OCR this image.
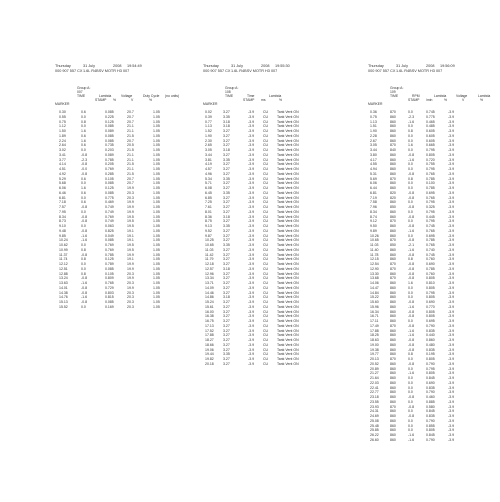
Thursday	31 July	2008 19:54:49
000 907 557 CX 1.6L R4BSV MOTR H3 007
Group A:
007
Lambda	Voltage	Duty Cycle (no units)
MARKER
TIME
STAMP %	V	%
0.30	0.6	0.085	20.7	1.05
0.55	0.0	0.225	20.7	1.05
0.75	0.8	0.125	20.7	1.05
1.12	0.0	0.085	21.1	1.05
1.50	1.6	0.089	21.1	1.05
1.89	0.6	0.085	21.5	1.05
2.24	1.6	0.085	20.7	1.05
2.64	0.6	0.735	20.5	1.05
3.02	0.0	0.203	21.5	1.05
3.41	-0.8	0.089	21.1	1.05
3.77	-2.3	0.785	21.1	1.05
4.14	-0.8	0.205	21.5	1.05
4.51	-0.0	0.769	21.1	1.05
4.92	-0.8	0.285	21.5	1.05
5.29	0.6	0.105	20.7	1.05
5.68	0.0	0.085	20.7	1.05
6.06	1.6	0.125	19.9	1.05
6.46	0.6	0.085	20.3	1.05
6.81	0.0	0.775	20.3	1.05
7.18	0.6	0.469	19.9	1.05
7.57	-0.8	0.749	19.9	1.05
7.95	0.0	0.749	19.9	1.05
8.34	-0.8	0.769	19.5	1.05
8.73	-0.8	0.749	19.5	1.05
9.10	0.0	0.063	19.5	1.05
9.48	-0.8	0.825	19.1	1.05
9.85	-1.6	0.049	19.1	1.05
10.24	-1.6	0.085	19.1	1.05
10.62	0.0	0.769	19.5	1.05
10.99	0.8	0.769	19.5	1.05
11.37	-0.8	0.785	19.9	1.05
11.74	0.8	0.125	19.1	1.05
12.12	0.0	0.789	19.9	1.05
12.51	0.0	0.085	19.9	1.05
12.88	0.8	0.105	20.3	1.05
13.24	-0.8	0.809	19.9	1.05
13.63	-1.6	0.765	20.3	1.05
14.01	-0.8	0.729	19.9	1.05
14.38	-0.8	0.803	20.3	1.05
14.76	-1.6	0.815	20.3	1.05
15.13	-0.8	0.085	20.3	1.05
15.52	0.0	0.169	20.3	1.05
Thursday	31 July	2008 19:55:30
000 907 557 CX 1.6L R4BSV MOTR H3 007
Group A:
108
Time	Lambda
MARKER
TIME
STAMP ms	%
0.02	3.27	-3.9	CU	Tank Vent ON
0.39	3.35	-3.9	CU	Tank Vent ON
0.77	3.18	-3.9	CU	Tank Vent ON
1.13	3.18	-3.9	CU	Tank Vent ON
1.52	3.27	-3.9	CU	Tank Vent ON
1.90	3.27	-3.9	CU	Tank Vent ON
2.30	3.27	-3.9	CU	Tank Vent ON
2.65	3.27	-3.9	CU	Tank Vent ON
3.05	3.18	-3.9	CU	Tank Vent ON
3.44	3.27	-3.9	CU	Tank Vent ON
3.81	3.35	-3.9	CU	Tank Vent ON
4.19	3.27	-3.9	CU	Tank Vent ON
4.57	3.27	-3.9	CU	Tank Vent ON
4.96	3.27	-3.9	CU	Tank Vent ON
5.34	3.35	-3.9	CU	Tank Vent ON
5.71	3.27	-3.9	CU	Tank Vent ON
6.08	3.27	-3.9	CU	Tank Vent ON
6.45	3.35	-3.9	CU	Tank Vent ON
6.85	3.27	-3.9	CU	Tank Vent ON
7.25	3.27	-3.9	CU	Tank Vent ON
7.61	3.27	-3.9	CU	Tank Vent ON
8.01	3.27	-3.9	CU	Tank Vent ON
8.36	3.18	-3.9	CU	Tank Vent ON
8.75	3.27	-3.9	CU	Tank Vent ON
9.13	3.35	-3.9	CU	Tank Vent ON
9.52	3.27	-3.9	CU	Tank Vent ON
9.87	3.27	-3.9	CU	Tank Vent ON
10.25	3.27	-3.9	CU	Tank Vent ON
10.65	3.35	-3.9	CU	Tank Vent ON
11.03	3.27	-3.9	CU	Tank Vent ON
11.42	3.27	-3.9	CU	Tank Vent ON
11.79	3.27	-3.9	CU	Tank Vent ON
12.18	3.27	-3.9	CU	Tank Vent ON
12.57	3.18	-3.9	CU	Tank Vent ON
12.96	3.27	-3.9	CU	Tank Vent ON
13.34	3.27	-3.9	CU	Tank Vent ON
13.71	3.27	-3.9	CU	Tank Vent ON
14.09	3.27	-3.9	CU	Tank Vent ON
14.46	3.27	-3.9	CU	Tank Vent ON
14.86	3.18	-3.9	CU	Tank Vent ON
15.24	3.27	-3.9	CU	Tank Vent ON
15.61	3.27	-3.9	CU	Tank Vent ON
16.00	3.27	-3.9	CU	Tank Vent ON
16.38	3.27	-3.9	CU	Tank Vent ON
16.75	3.27	-3.9	CU	Tank Vent ON
17.13	3.27	-3.9	CU	Tank Vent ON
17.52	3.27	-3.9	CU	Tank Vent ON
17.88	3.27	-3.9	CU	Tank Vent ON
18.27	3.27	-3.9	CU	Tank Vent ON
18.66	3.27	-3.9	CU	Tank Vent ON
19.06	3.27	-3.9	CU	Tank Vent ON
19.44	3.35	-3.9	CU	Tank Vent ON
19.82	3.27	-3.9	CU	Tank Vent ON
20.18	3.27	-3.9	CU	Tank Vent ON
Thursday	31 July	2008 19:56:09
000 907 557 CX 1.6L R4BSV MOTR H3 007
Group A:
109
RPM	Lambda	Voltage	Lambda
MARKER
TIME
STAMP /min	%	V	%
0.36	870	0.0	0.745	-3.9
0.75	860	-2.3	0.775	-3.9
1.13	860	-1.6	0.465	-3.9
1.51	860	0.0	0.485	-3.9
1.90	860	0.8	0.605	-3.9
2.28	860	0.0	0.605	-3.9
2.67	860	0.0	0.605	-3.9
3.05	870	1.6	0.665	-3.9
3.44	840	0.0	0.795	-3.9
3.80	860	-0.8	0.805	-3.9
4.17	860	-1.6	0.720	-3.9
4.55	860	0.0	0.755	-3.9
4.94	860	0.0	0.795	-3.9
5.31	860	-0.8	0.765	-3.9
5.69	870	0.8	0.785	-3.9
6.06	860	0.0	0.100	-3.9
6.44	860	0.0	0.785	-3.9
6.81	820	-0.8	0.695	-3.9
7.19	820	-0.8	0.765	-3.9
7.58	860	0.0	0.795	-3.9
7.96	850	-0.8	0.325	-3.9
8.34	860	0.0	0.795	-3.9
8.74	860	-0.8	0.445	-3.9
9.12	870	0.0	0.795	-3.9
9.50	860	-0.8	0.745	-3.9
9.89	860	-1.6	0.765	-3.9
10.26	860	0.0	0.695	-3.9
10.65	870	-0.8	0.785	-3.9
11.03	850	-2.1	0.765	-3.9
11.40	860	-1.6	0.740	-3.9
11.78	860	-0.8	0.745	-3.9
12.15	860	0.8	0.760	-3.9
12.54	870	-0.8	0.690	-3.9
12.90	870	-0.8	0.785	-3.9
13.30	860	-0.8	0.760	-3.9
13.68	870	-0.8	0.805	-3.9
14.06	860	1.6	0.810	-3.9
14.47	860	0.0	0.805	-3.9
14.84	860	0.0	0.795	-3.9
15.22	860	0.0	0.805	-3.9
15.60	860	-0.8	0.690	-3.9
15.96	860	-1.6	0.770	-3.9
16.34	860	-0.8	0.805	-3.9
16.71	860	-0.8	0.805	-3.9
17.11	860	0.0	0.695	-3.9
17.49	870	-0.8	0.790	-3.9
17.88	860	-1.6	0.835	-3.9
18.25	860	-1.6	0.440	-3.9
18.63	860	-0.8	0.860	-3.9
19.00	860	-0.8	0.480	-3.9
19.38	860	-0.8	0.835	-3.9
19.77	860	0.8	0.195	-3.9
20.13	870	0.0	0.805	-3.9
20.52	860	-0.8	0.790	-3.9
20.89	860	0.0	0.795	-3.9
21.27	860	-1.6	0.805	-3.9
21.64	860	0.0	0.845	-3.9
22.03	860	0.0	0.690	-3.9
22.41	860	0.0	0.835	-3.9
22.77	860	0.0	0.790	-3.9
23.18	860	-0.8	0.460	-3.9
23.55	860	0.0	0.885	-3.9
23.93	870	-0.8	0.580	-3.9
24.31	860	0.0	0.845	-3.9
24.69	860	-0.8	0.835	-3.9
25.08	860	0.0	0.790	-3.9
25.48	860	0.0	0.855	-3.9
25.85	860	0.0	0.805	-3.9
26.22	860	-1.6	0.845	-3.9
26.60	860	-1.6	0.790	-3.9
